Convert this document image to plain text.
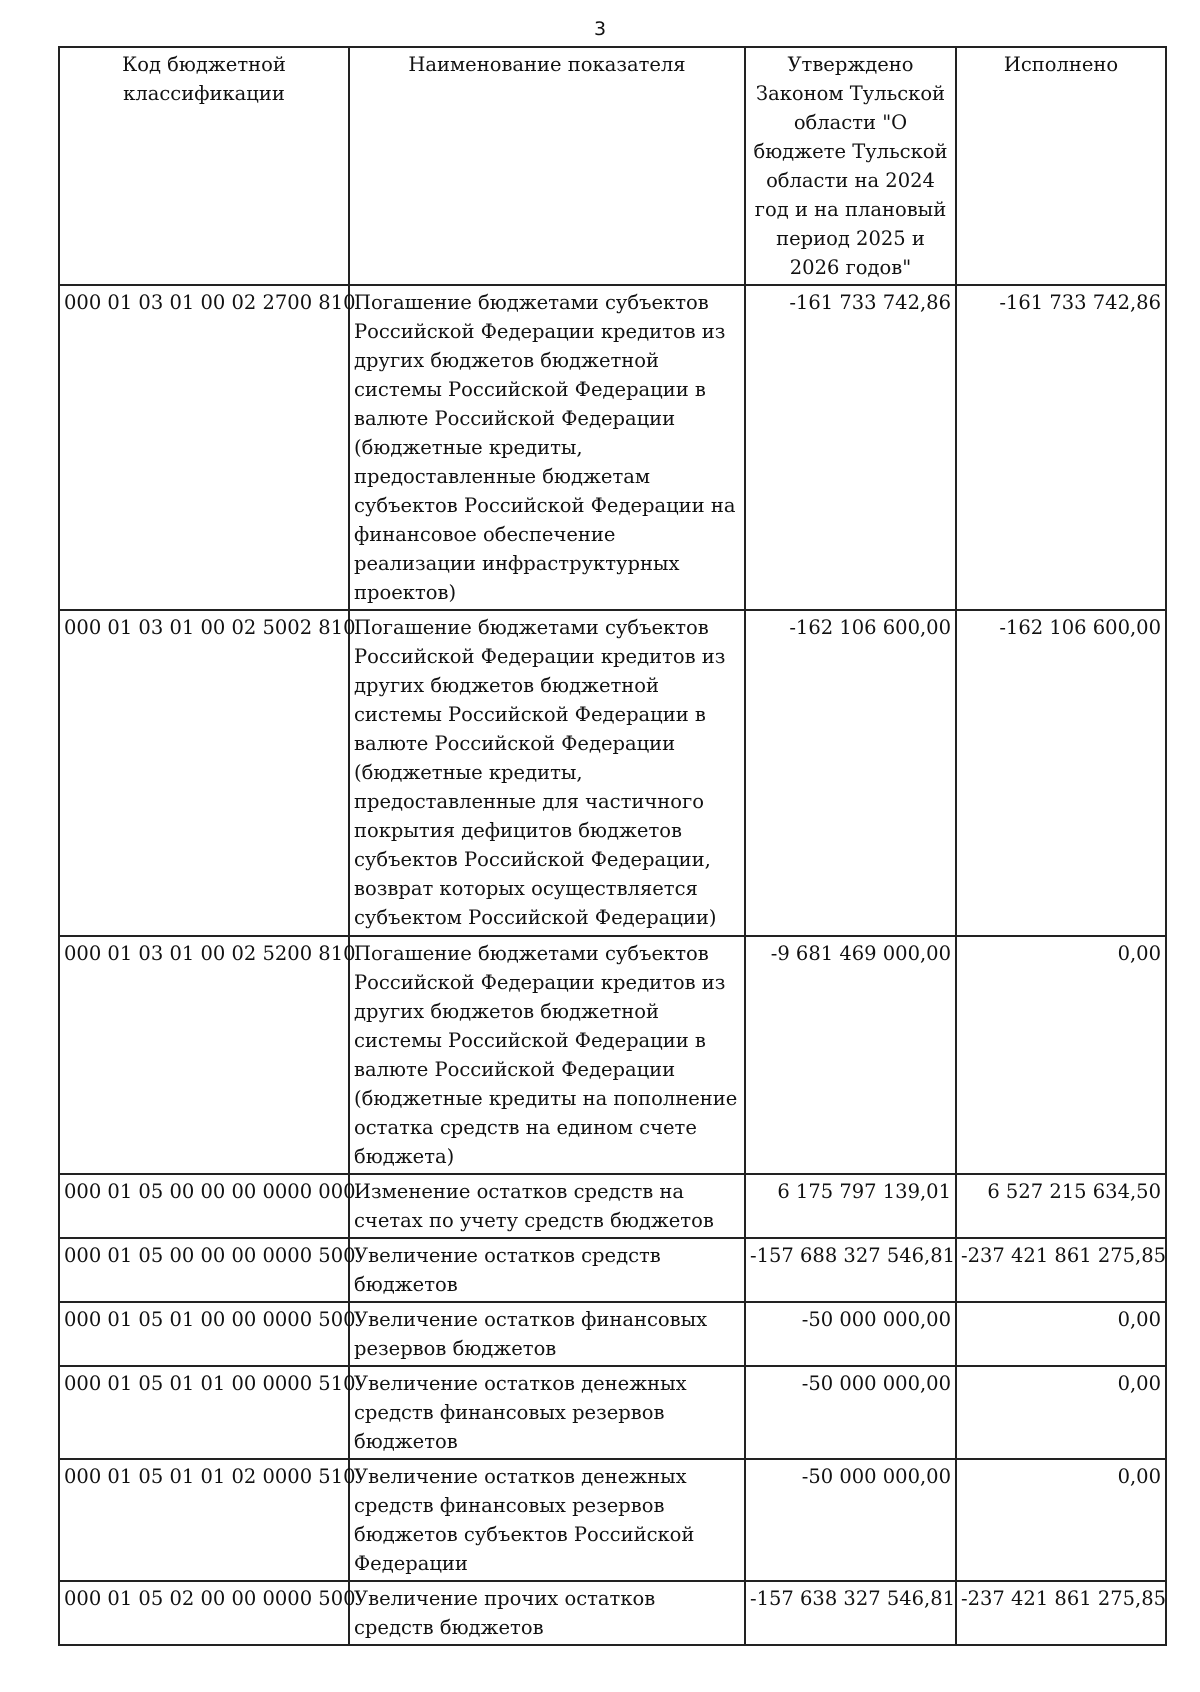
3
Код бюджетной классификации	Наименование показателя	Утверждено Законом Тульской области "О бюджете Тульской области на 2024 год и на плановый период 2025 и 2026 годов"	Исполнено
000 01 03 01 00 02 2700 810	Погашение бюджетами субъектов Российской Федерации кредитов из других бюджетов бюджетной системы Российской Федерации в валюте Российской Федерации (бюджетные кредиты, предоставленные бюджетам субъектов Российской Федерации на финансовое обеспечение реализации инфраструктурных проектов)	-161 733 742,86	-161 733 742,86
000 01 03 01 00 02 5002 810	Погашение бюджетами субъектов Российской Федерации кредитов из других бюджетов бюджетной системы Российской Федерации в валюте Российской Федерации (бюджетные кредиты, предоставленные для частичного покрытия дефицитов бюджетов субъектов Российской Федерации, возврат которых осуществляется субъектом Российской Федерации)	-162 106 600,00	-162 106 600,00
000 01 03 01 00 02 5200 810	Погашение бюджетами субъектов Российской Федерации кредитов из других бюджетов бюджетной системы Российской Федерации в валюте Российской Федерации (бюджетные кредиты на пополнение остатка средств на едином счете бюджета)	-9 681 469 000,00	0,00
000 01 05 00 00 00 0000 000	Изменение остатков средств на счетах по учету средств бюджетов	6 175 797 139,01	6 527 215 634,50
000 01 05 00 00 00 0000 500	Увеличение остатков средств бюджетов	-157 688 327 546,81	-237 421 861 275,85
000 01 05 01 00 00 0000 500	Увеличение остатков финансовых резервов бюджетов	-50 000 000,00	0,00
000 01 05 01 01 00 0000 510	Увеличение остатков денежных средств финансовых резервов бюджетов	-50 000 000,00	0,00
000 01 05 01 01 02 0000 510	Увеличение остатков денежных средств финансовых резервов бюджетов субъектов Российской Федерации	-50 000 000,00	0,00
000 01 05 02 00 00 0000 500	Увеличение прочих остатков средств бюджетов	-157 638 327 546,81	-237 421 861 275,85
